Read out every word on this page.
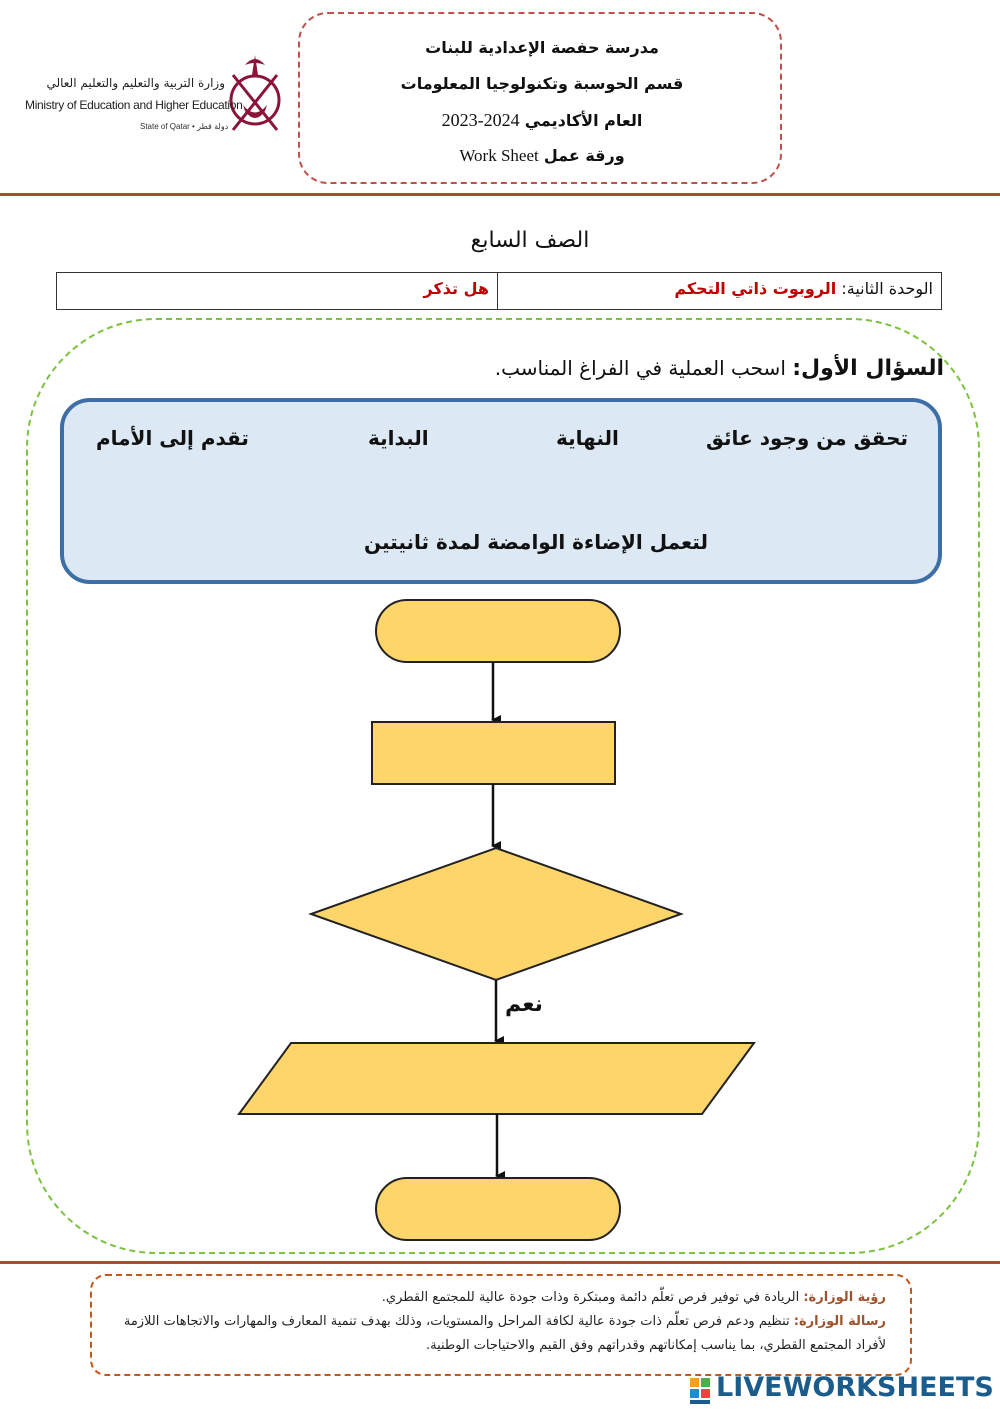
وزارة التربية والتعليم والتعليم العالي
Ministry of Education and Higher Education
State of Qatar • دولة قطر
مدرسة حفصة الإعدادية للبنات
قسم الحوسبة وتكنولوجيا المعلومات
العام الأكاديمي 2024-2023
ورقة عمل Work Sheet
الصف السابع
الوحدة الثانية: الروبوت ذاتي التحكم
هل تذكر
السؤال الأول: اسحب العملية في الفراغ المناسب.
تحقق من وجود عائق
النهاية
البداية
تقدم إلى الأمام
لتعمل الإضاءة الوامضة لمدة ثانيتين
نعم
رؤية الوزارة: الريادة في توفير فرص تعلّم دائمة ومبتكرة وذات جودة عالية للمجتمع القطري.
رسالة الوزارة: تنظيم ودعم فرص تعلّم ذات جودة عالية لكافة المراحل والمستويات، وذلك بهدف تنمية المعارف والمهارات والاتجاهات اللازمة لأفراد المجتمع القطري، بما يناسب إمكاناتهم وقدراتهم وفق القيم والاحتياجات الوطنية.
LIVEWORKSHEETS
